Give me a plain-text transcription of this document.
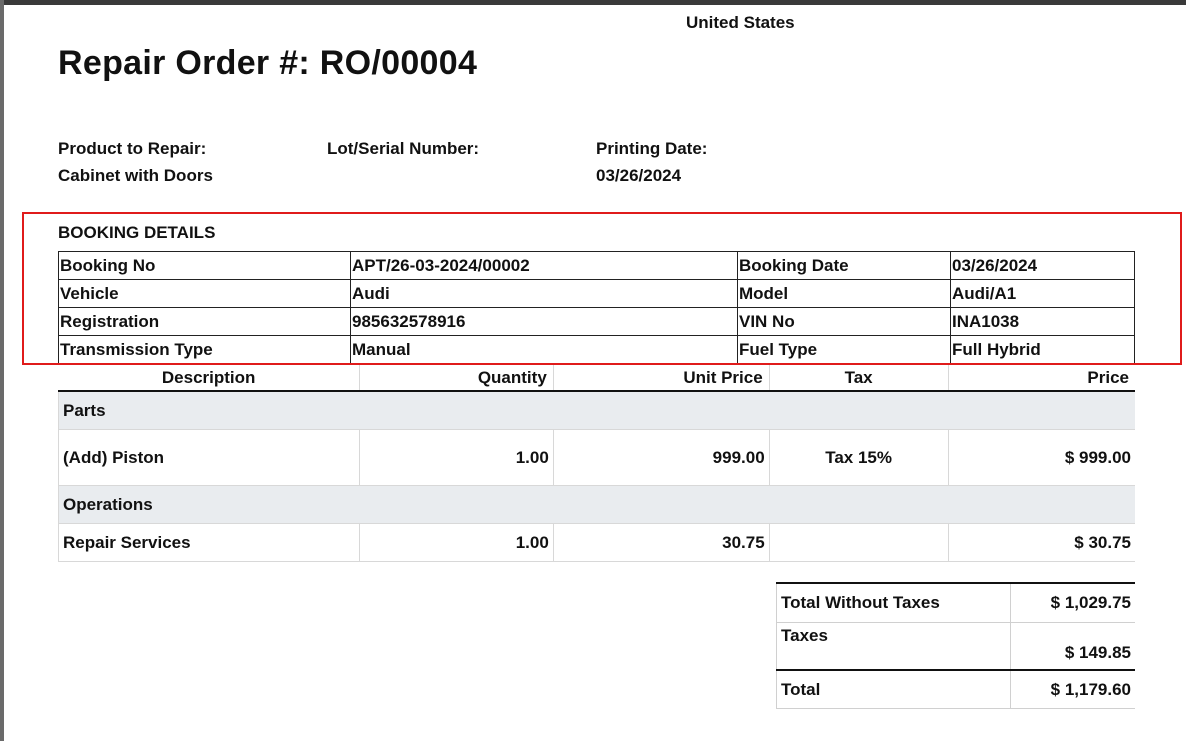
United States
Repair Order #: RO/00004
Product to Repair:
Cabinet with Doors
Lot/Serial Number:	Printing Date:
03/26/2024
BOOKING DETAILS
Booking No	APT/26-03-2024/00002	Booking Date	03/26/2024
Vehicle	Audi	Model	Audi/A1
Registration	985632578916	VIN No	INA1038
Transmission Type	Manual	Fuel Type	Full Hybrid
Description	Quantity	Unit Price	Tax	Price
Parts				
(Add) Piston	1.00	999.00	Tax 15%	$ 999.00
Operations				
Repair Services	1.00	30.75		$ 30.75
Total Without Taxes	$ 1,029.75
Taxes	$ 149.85
Total	$ 1,179.60
